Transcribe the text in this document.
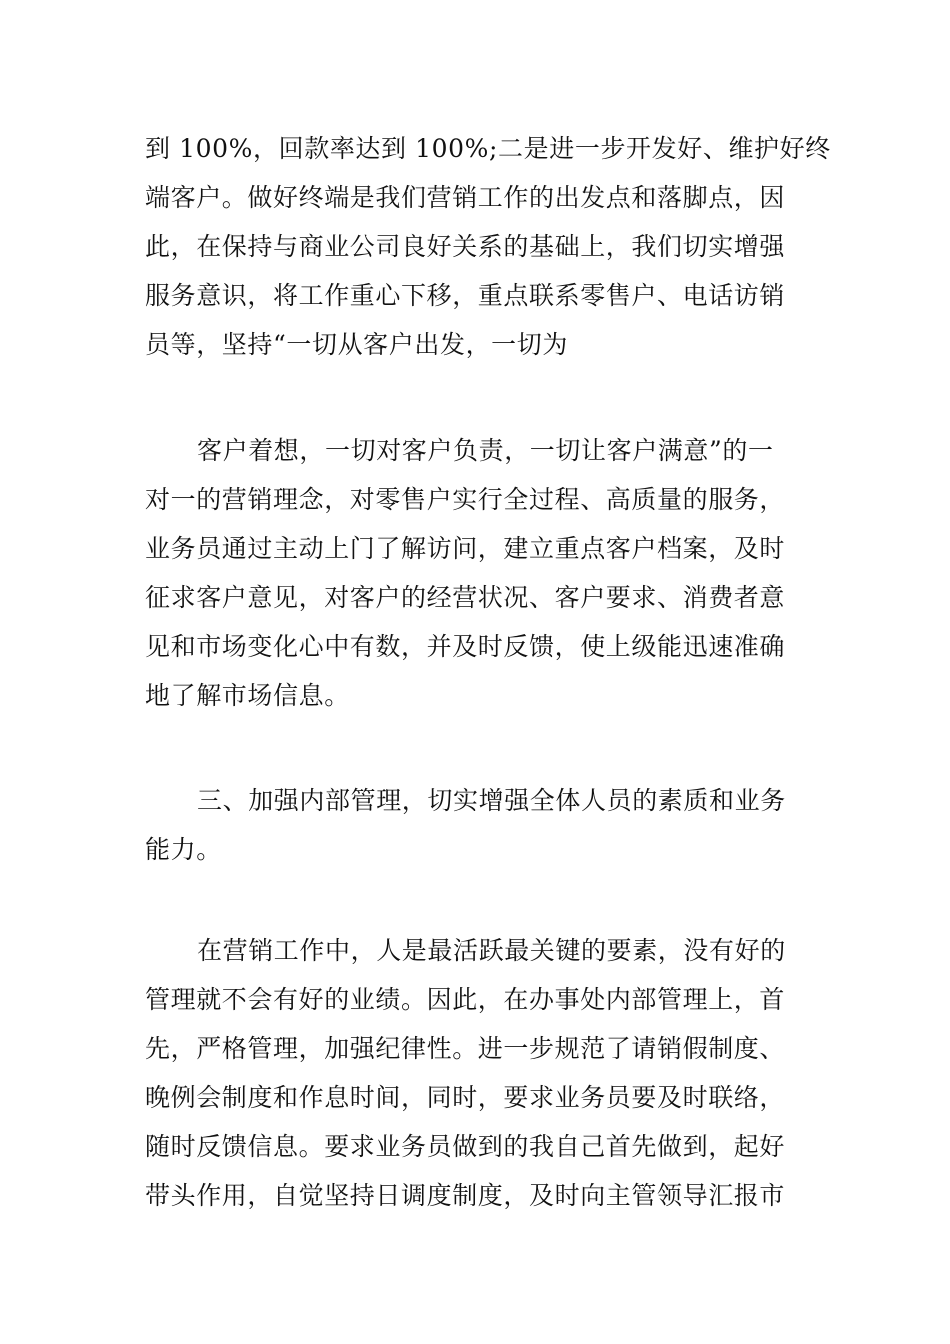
到 100%，回款率达到 100%;二是进一步开发好、维护好终
端客户。做好终端是我们营销工作的出发点和落脚点，因
此，在保持与商业公司良好关系的基础上，我们切实增强
服务意识，将工作重心下移，重点联系零售户、电话访销
员等，坚持“一切从客户出发，一切为
客户着想，一切对客户负责，一切让客户满意”的一
对一的营销理念，对零售户实行全过程、高质量的服务，
业务员通过主动上门了解访问，建立重点客户档案，及时
征求客户意见，对客户的经营状况、客户要求、消费者意
见和市场变化心中有数，并及时反馈，使上级能迅速准确
地了解市场信息。
三、加强内部管理，切实增强全体人员的素质和业务
能力。
在营销工作中，人是最活跃最关键的要素，没有好的
管理就不会有好的业绩。因此，在办事处内部管理上，首
先，严格管理，加强纪律性。进一步规范了请销假制度、
晚例会制度和作息时间，同时，要求业务员要及时联络，
随时反馈信息。要求业务员做到的我自己首先做到，起好
带头作用，自觉坚持日调度制度，及时向主管领导汇报市
